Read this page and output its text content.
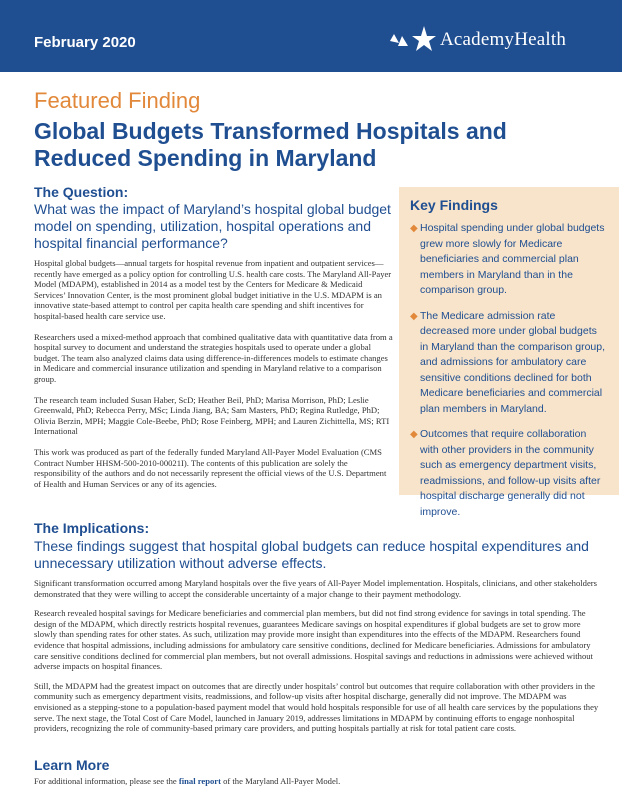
February 2020	AcademyHealth
Featured Finding
Global Budgets Transformed Hospitals and Reduced Spending in Maryland
The Question:
What was the impact of Maryland’s hospital global budget model on spending, utilization, hospital operations and hospital financial performance?

Hospital global budgets—annual targets for hospital revenue from inpatient and outpatient services—recently have emerged as a policy option for controlling U.S. health care costs. The Maryland All-Payer Model (MDAPM), established in 2014 as a model test by the Centers for Medicare & Medicaid Services’ Innovation Center, is the most prominent global budget initiative in the U.S. MDAPM is an innovative state-based attempt to control per capita health care spending and shift incentives for hospital-based health care service use.

Researchers used a mixed-method approach that combined qualitative data with quantitative data from a hospital survey to document and understand the strategies hospitals used to operate under a global budget. The team also analyzed claims data using difference-in-differences models to estimate changes in Medicare and commercial insurance utilization and spending in Maryland relative to a comparison group.

The research team included Susan Haber, ScD; Heather Beil, PhD; Marisa Morrison, PhD; Leslie Greenwald, PhD; Rebecca Perry, MSc; Linda Jiang, BA; Sam Masters, PhD; Regina Rutledge, PhD; Olivia Berzin, MPH; Maggie Cole-Beebe, PhD; Rose Feinberg, MPH; and Lauren Zichittella, MS; RTI International

This work was produced as part of the federally funded Maryland All-Payer Model Evaluation (CMS Contract Number HHSM-500-2010-00021I). The contents of this publication are solely the responsibility of the authors and do not necessarily represent the official views of the U.S. Department of Health and Human Services or any of its agencies.

Key Findings
◆ Hospital spending under global budgets grew more slowly for Medicare beneficiaries and commercial plan members in Maryland than in the comparison group.
◆ The Medicare admission rate decreased more under global budgets in Maryland than the comparison group, and admissions for ambulatory care sensitive conditions declined for both Medicare beneficiaries and commercial plan members in Maryland.
◆ Outcomes that require collaboration with other providers in the community such as emergency department visits, readmissions, and follow-up visits after hospital discharge generally did not improve.
The Implications:
These findings suggest that hospital global budgets can reduce hospital expenditures and unnecessary utilization without adverse effects.

Significant transformation occurred among Maryland hospitals over the five years of All-Payer Model implementation. Hospitals, clinicians, and other stakeholders demonstrated that they were willing to accept the considerable uncertainty of a major change to their payment methodology.

Research revealed hospital savings for Medicare beneficiaries and commercial plan members, but did not find strong evidence for savings in total spending. The design of the MDAPM, which directly restricts hospital revenues, guarantees Medicare savings on hospital expenditures if global budgets are set to grow more slowly than spending rates for other states. As such, utilization may provide more insight than expenditures into the effects of the MDAPM. Researchers found evidence that hospital admissions, including admissions for ambulatory care sensitive conditions, declined for Medicare beneficiaries. Admissions for ambulatory care sensitive conditions declined for commercial plan members, but not overall admissions. Hospital savings and reductions in admissions were achieved without adverse impacts on hospital finances.

Still, the MDAPM had the greatest impact on outcomes that are directly under hospitals’ control but outcomes that require collaboration with other providers in the community such as emergency department visits, readmissions, and follow-up visits after hospital discharge, generally did not improve. The MDAPM was envisioned as a stepping-stone to a population-based payment model that would hold hospitals responsible for use of all health care services by the populations they serve. The next stage, the Total Cost of Care Model, launched in January 2019, addresses limitations in MDAPM by continuing efforts to engage nonhospital providers, recognizing the role of community-based primary care providers, and putting hospitals partially at risk for total patient care costs.

Learn More

For additional information, please see the final report of the Maryland All-Payer Model.
